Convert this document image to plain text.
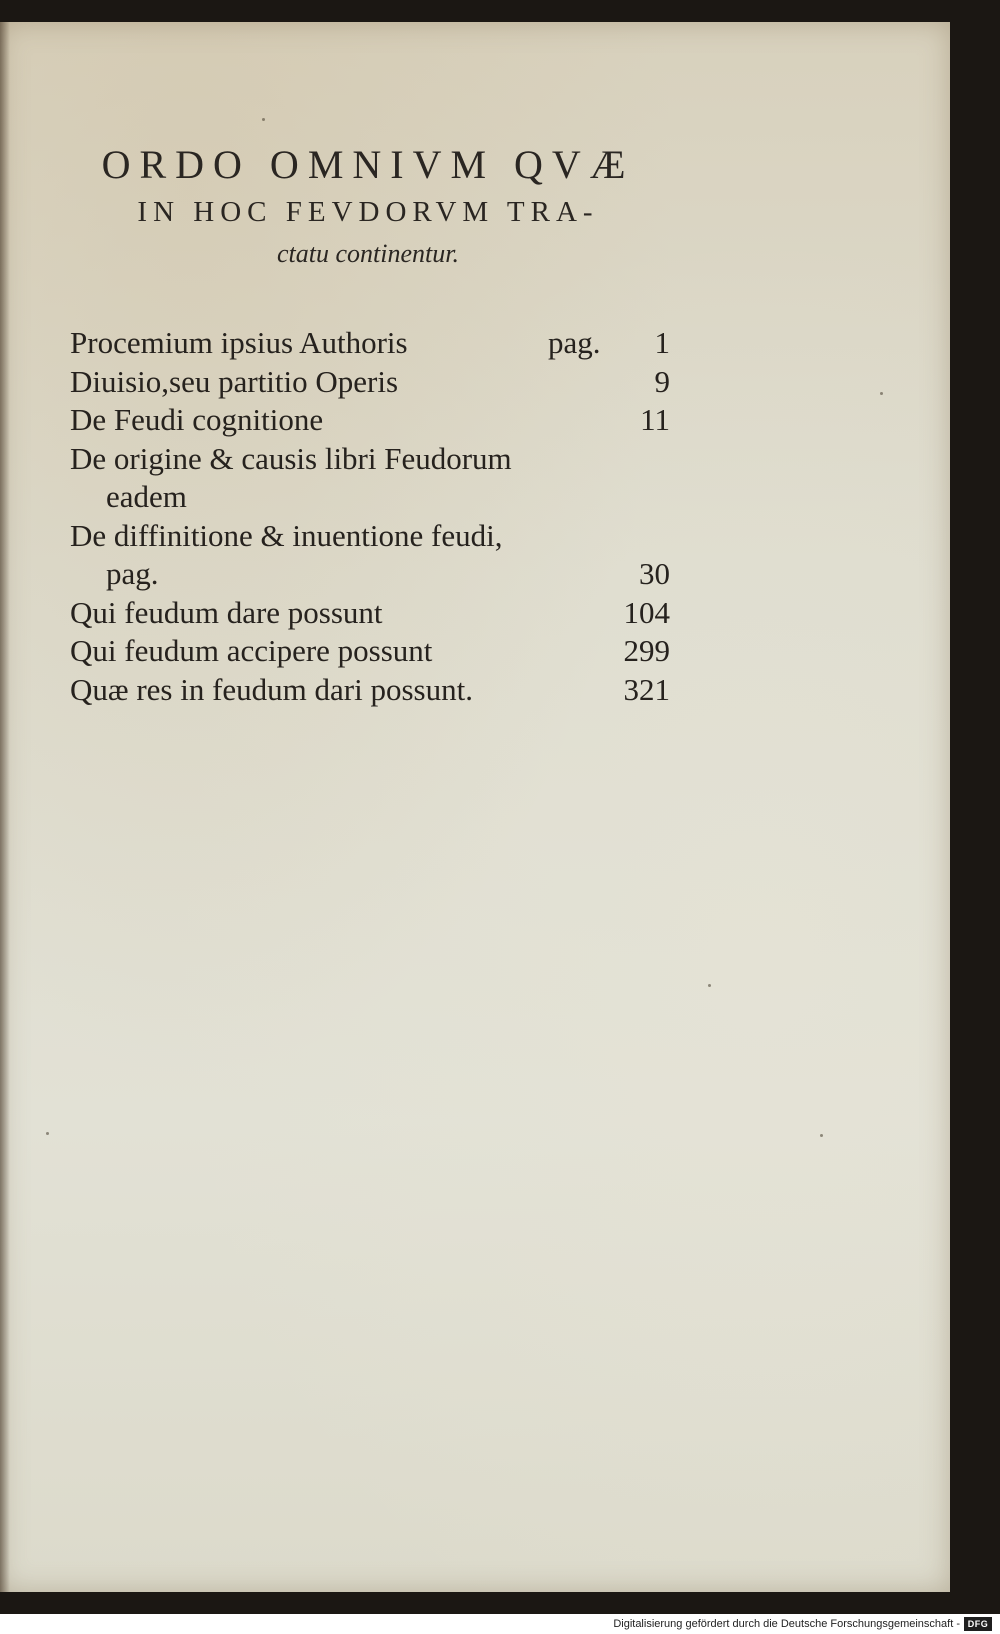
ORDO OMNIVM QVÆ
IN HOC FEVDORVM TRA-
ctatu continentur.
Procemium ipsius Authoris	pag. 1
Diuisio,seu partitio Operis	9
De Feudi cognitione	11
De origine & causis libri Feudorum
eadem
De diffinitione & inuentione feudi,
pag.	30
Qui feudum dare possunt	104
Qui feudum accipere possunt	299
Quæ res in feudum dari possunt.	321
Digitalisierung gefördert durch die Deutsche Forschungsgemeinschaft - DFG
